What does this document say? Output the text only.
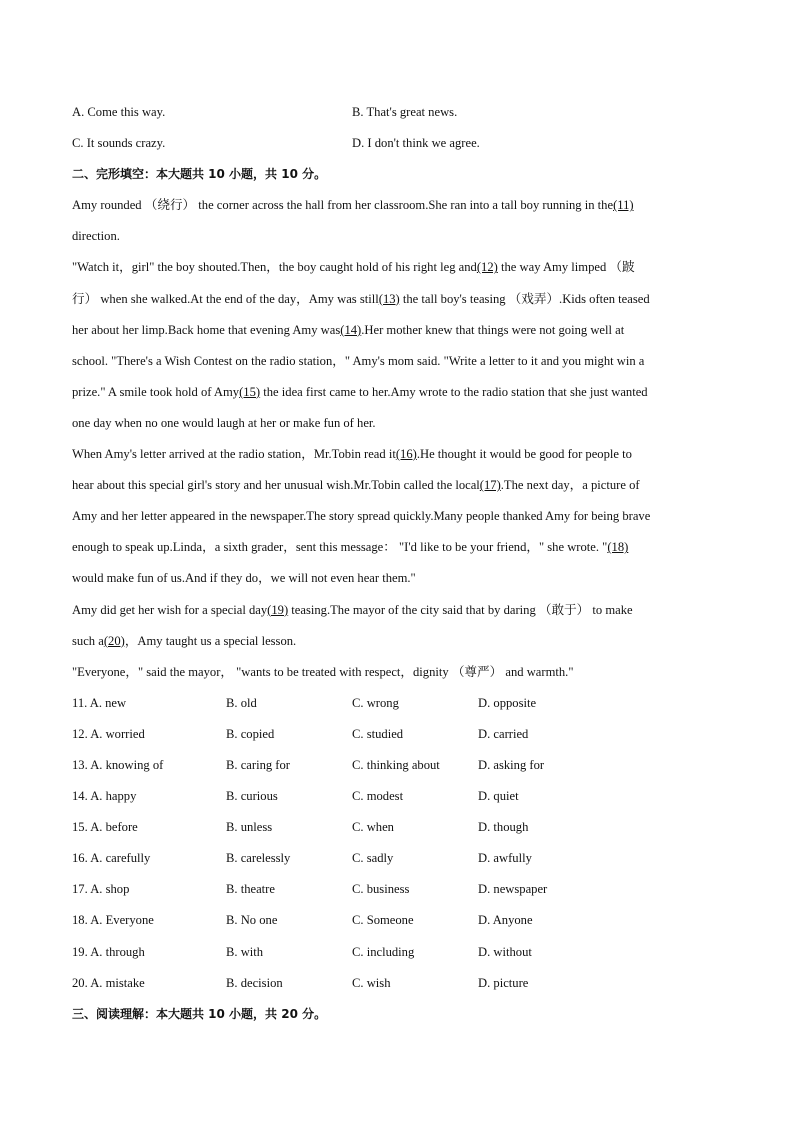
A. Come this way.	B. That's great news.
C. It sounds crazy.	D. I don't think we agree.
二、完形填空：本大题共 10 小题，共 10 分。
Amy rounded （绕行） the corner across the hall from her classroom.She ran into a tall boy running in the(11)
direction.
"Watch it，girl" the boy shouted.Then，the boy caught hold of his right leg and(12) the way Amy limped （跛
行） when she walked.At the end of the day，Amy was still(13) the tall boy's teasing （戏弄）.Kids often teased
her about her limp.Back home that evening Amy was(14).Her mother knew that things were not going well at
school. "There's a Wish Contest on the radio station，" Amy's mom said. "Write a letter to it and you might win a
prize." A smile took hold of Amy(15) the idea first came to her.Amy wrote to the radio station that she just wanted
one day when no one would laugh at her or make fun of her.
When Amy's letter arrived at the radio station，Mr.Tobin read it(16).He thought it would be good for people to
hear about this special girl's story and her unusual wish.Mr.Tobin called the local(17).The next day，a picture of
Amy and her letter appeared in the newspaper.The story spread quickly.Many people thanked Amy for being brave
enough to speak up.Linda，a sixth grader，sent this message： "I'd like to be your friend，" she wrote. "(18)
would make fun of us.And if they do，we will not even hear them."
Amy did get her wish for a special day(19) teasing.The mayor of the city said that by daring （敢于） to make
such a(20)，Amy taught us a special lesson.
"Everyone，" said the mayor， "wants to be treated with respect，dignity （尊严） and warmth."
11. A. new	B. old	C. wrong	D. opposite
12. A. worried	B. copied	C. studied	D. carried
13. A. knowing of	B. caring for	C. thinking about	D. asking for
14. A. happy	B. curious	C. modest	D. quiet
15. A. before	B. unless	C. when	D. though
16. A. carefully	B. carelessly	C. sadly	D. awfully
17. A. shop	B. theatre	C. business	D. newspaper
18. A. Everyone	B. No one	C. Someone	D. Anyone
19. A. through	B. with	C. including	D. without
20. A. mistake	B. decision	C. wish	D. picture
三、阅读理解：本大题共 10 小题，共 20 分。
